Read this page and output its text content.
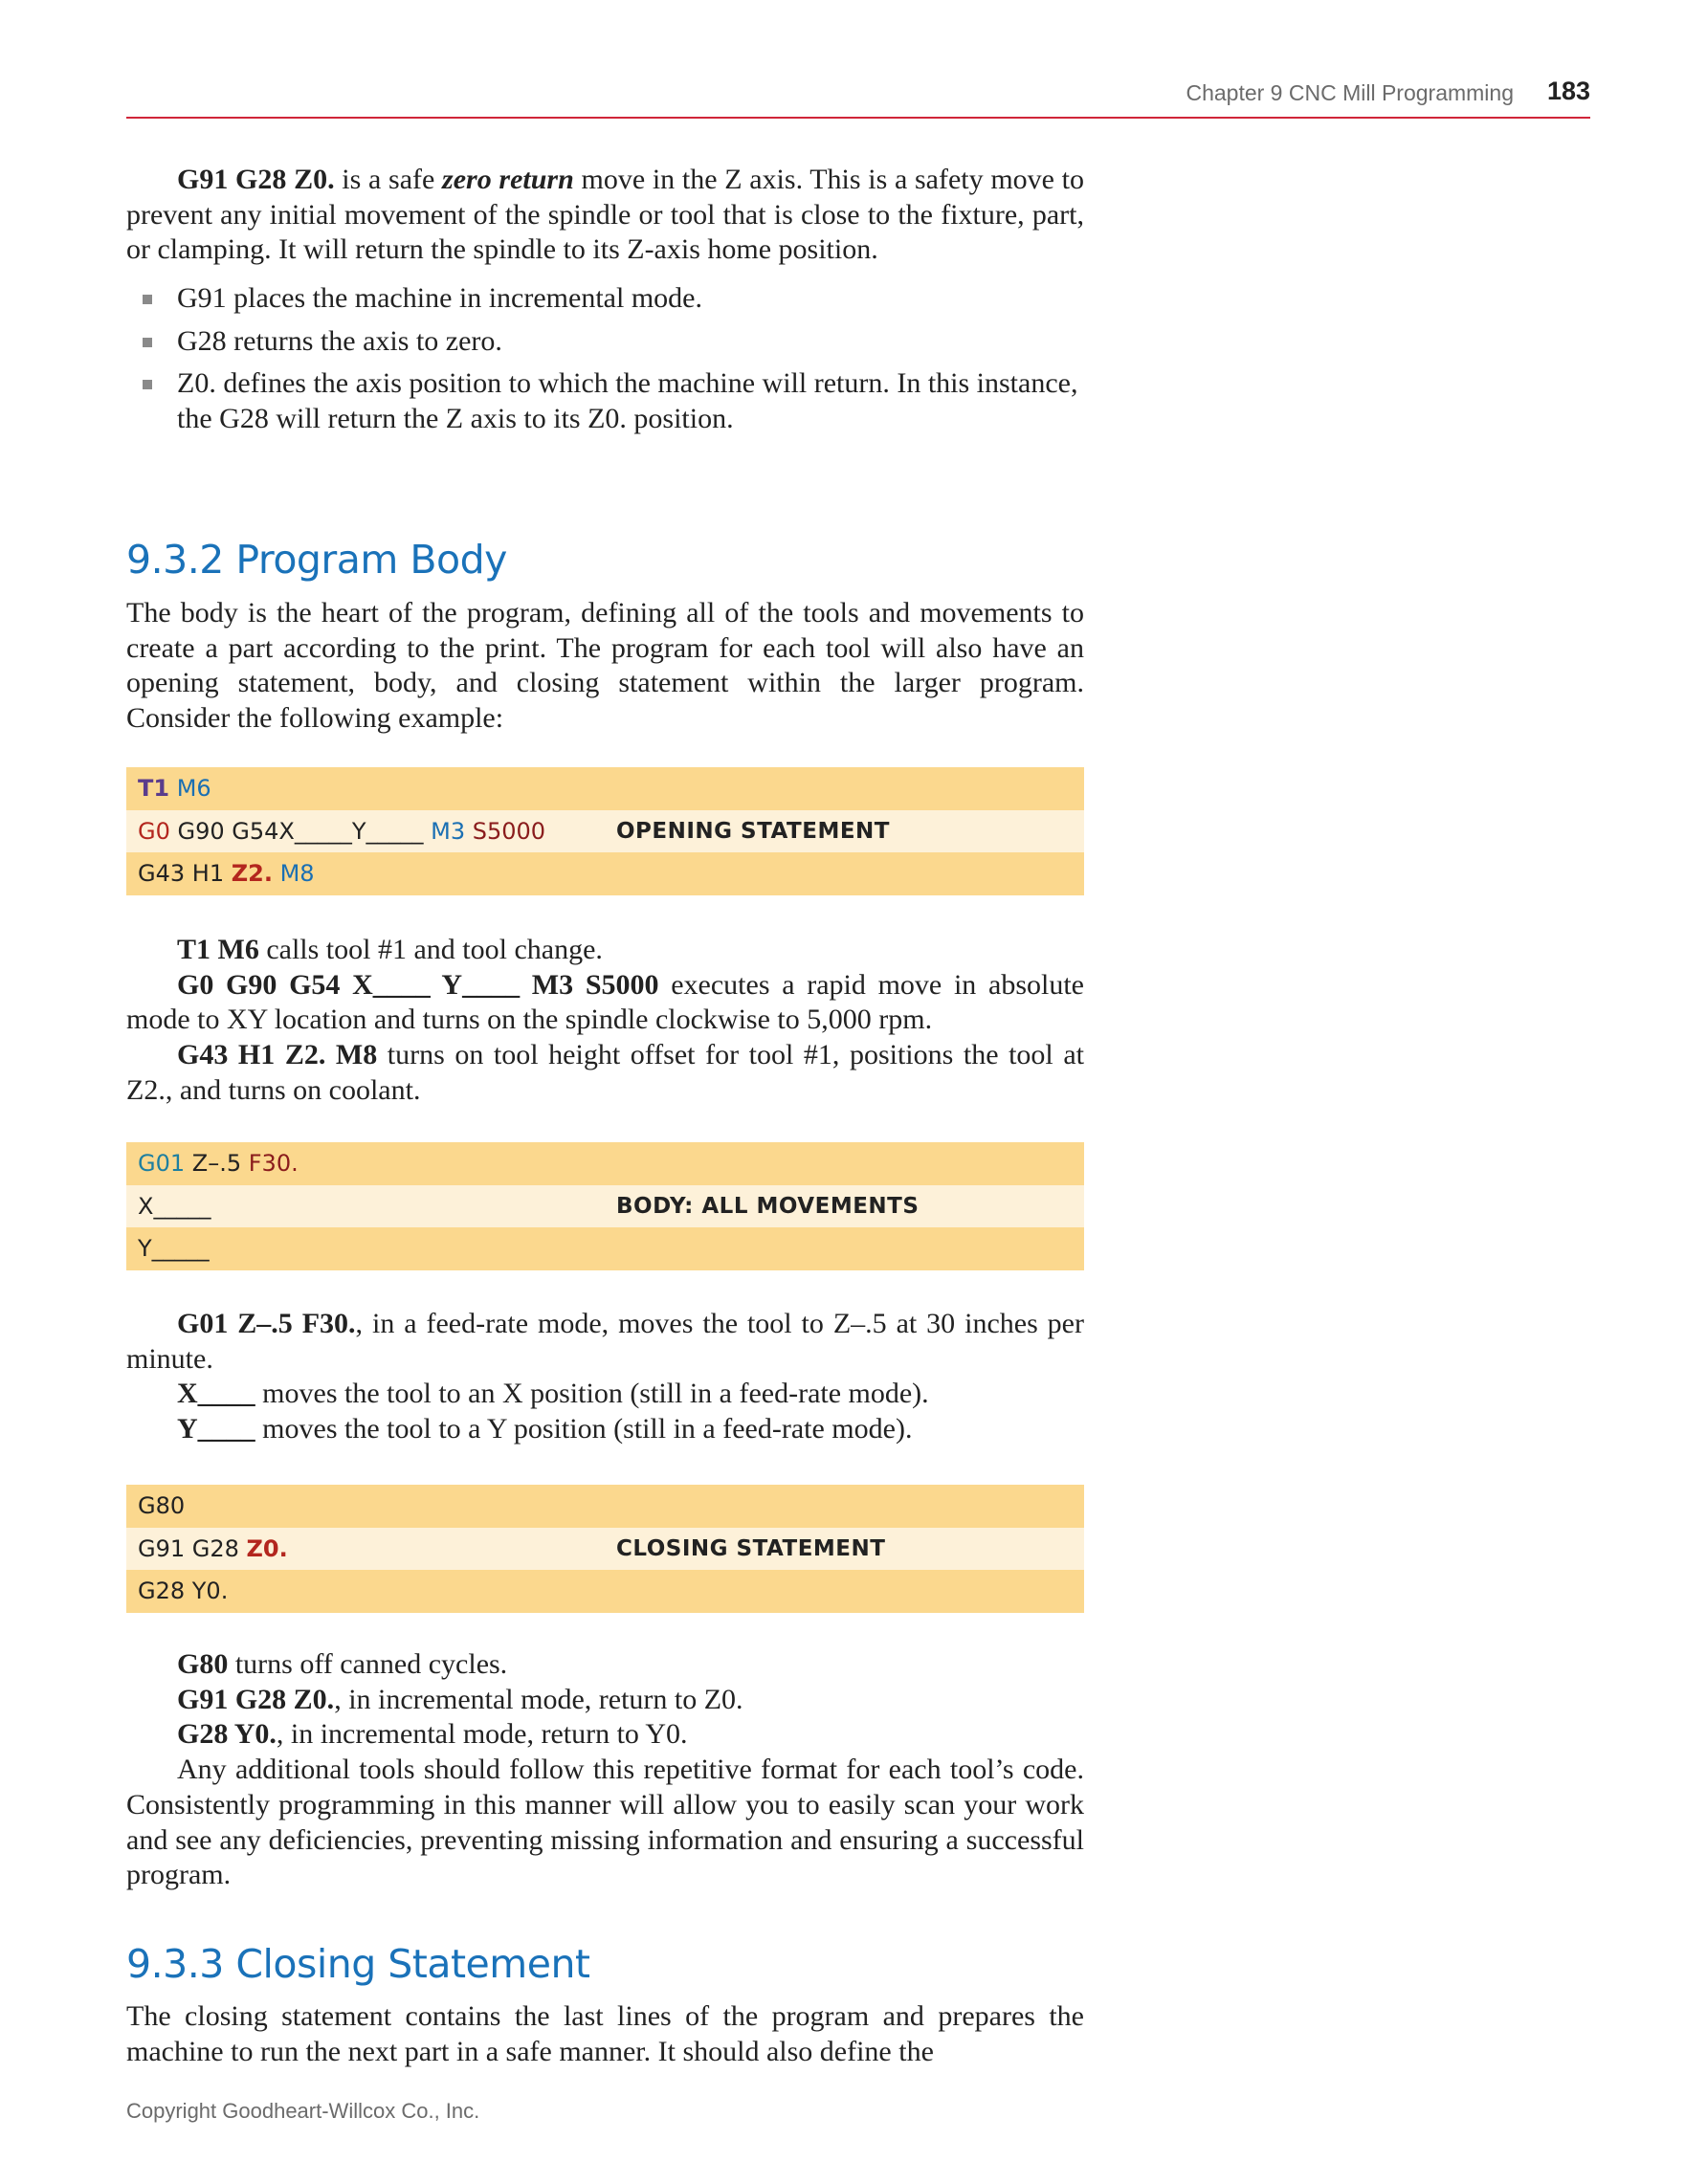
Chapter 9 CNC Mill Programming 183

G91 G28 Z0. is a safe zero return move in the Z axis. This is a safety move to prevent any initial movement of the spindle or tool that is close to the fixture, part, or clamping. It will return the spindle to its Z-axis home position.

G91 places the machine in incremental mode.
G28 returns the axis to zero.
Z0. defines the axis position to which the machine will return. In this instance, the G28 will return the Z axis to its Z0. position.
9.3.2 Program Body

The body is the heart of the program, defining all of the tools and movements to create a part according to the print. The program for each tool will also have an opening statement, body, and closing statement within the larger program. Consider the following example:

T1 M6
G0 G90 G54X_____Y_____ M3 S5000	OPENING STATEMENT
G43 H1 Z2. M8

T1 M6 calls tool #1 and tool change.

G0 G90 G54 X____ Y____ M3 S5000 executes a rapid move in absolute mode to XY location and turns on the spindle clockwise to 5,000 rpm.

G43 H1 Z2. M8 turns on tool height offset for tool #1, positions the tool at Z2., and turns on coolant.

G01 Z–.5 F30.
X_____	BODY: ALL MOVEMENTS
Y_____

G01 Z–.5 F30., in a feed-rate mode, moves the tool to Z–.5 at 30 inches per minute.

X____ moves the tool to an X position (still in a feed-rate mode).

Y____ moves the tool to a Y position (still in a feed-rate mode).

G80
G91 G28 Z0.	CLOSING STATEMENT
G28 Y0.

G80 turns off canned cycles.

G91 G28 Z0., in incremental mode, return to Z0.

G28 Y0., in incremental mode, return to Y0.

Any additional tools should follow this repetitive format for each tool’s code. Consistently programming in this manner will allow you to easily scan your work and see any deficiencies, preventing missing information and ensuring a successful program.

9.3.3 Closing Statement

The closing statement contains the last lines of the program and prepares the machine to run the next part in a safe manner. It should also define the

Copyright Goodheart-Willcox Co., Inc.
